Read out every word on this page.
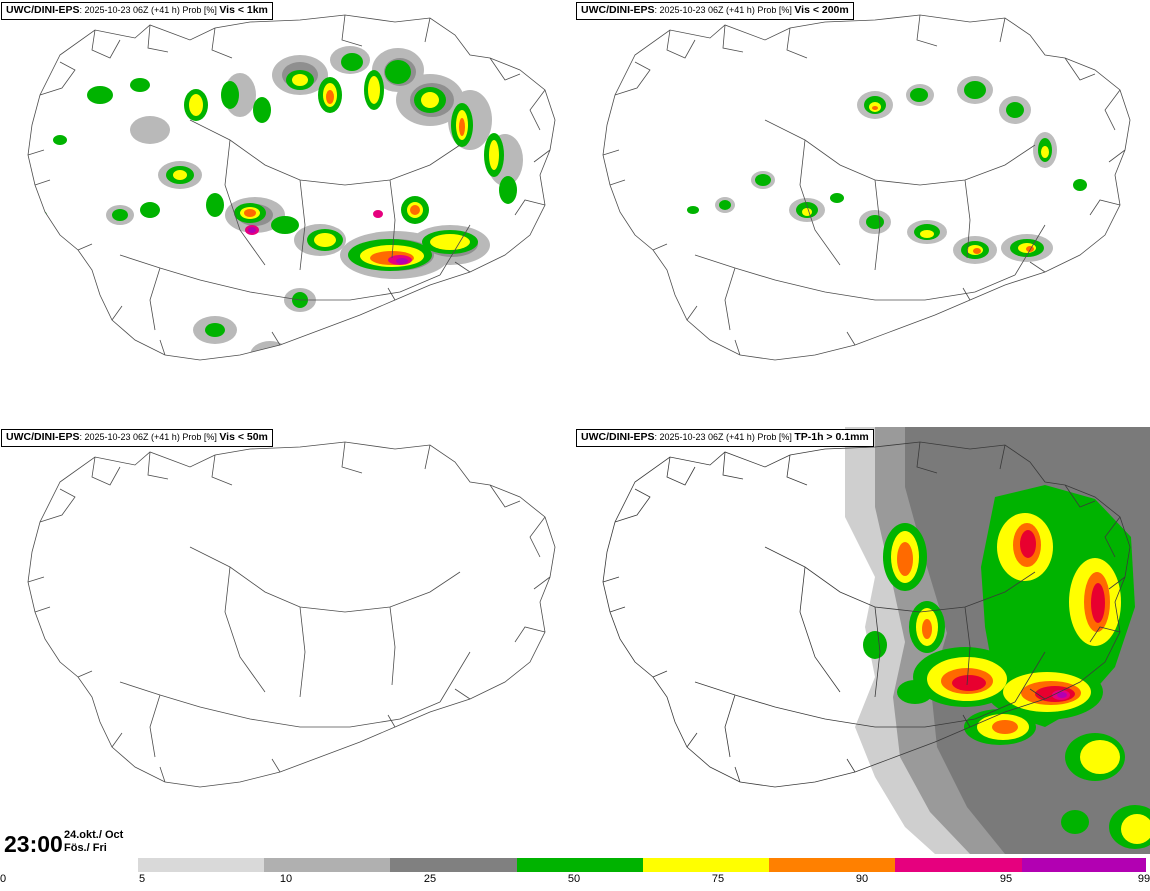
UWC/DINI-EPS: 2025-10-23 06Z (+41 h) Prob [%] Vis < 1km	UWC/DINI-EPS: 2025-10-23 06Z (+41 h) Prob [%] Vis < 200m
UWC/DINI-EPS: 2025-10-23 06Z (+41 h) Prob [%] Vis < 50m	UWC/DINI-EPS: 2025-10-23 06Z (+41 h) Prob [%] TP-1h > 0.1mm
23:00 24.okt./ Oct
Fös./ Fri
0	5	10	25	50	75	90	95	99
